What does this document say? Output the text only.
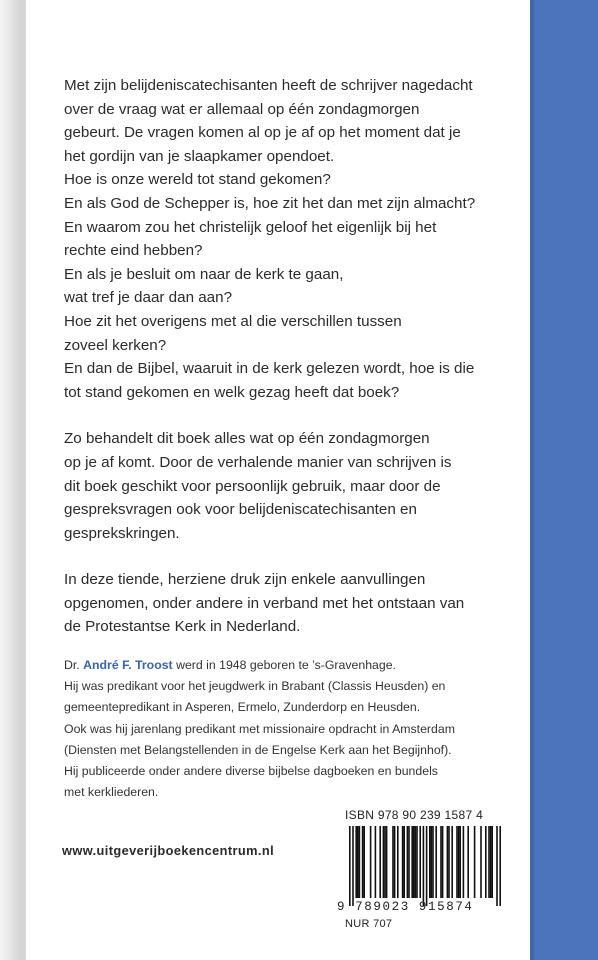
Met zijn belijdeniscatechisanten heeft de schrijver nagedacht
over de vraag wat er allemaal op één zondagmorgen
gebeurt. De vragen komen al op je af op het moment dat je
het gordijn van je slaapkamer opendoet.
Hoe is onze wereld tot stand gekomen?
En als God de Schepper is, hoe zit het dan met zijn almacht?
En waarom zou het christelijk geloof het eigenlijk bij het
rechte eind hebben?
En als je besluit om naar de kerk te gaan,
wat tref je daar dan aan?
Hoe zit het overigens met al die verschillen tussen
zoveel kerken?
En dan de Bijbel, waaruit in de kerk gelezen wordt, hoe is die
tot stand gekomen en welk gezag heeft dat boek?
Zo behandelt dit boek alles wat op één zondagmorgen
op je af komt. Door de verhalende manier van schrijven is
dit boek geschikt voor persoonlijk gebruik, maar door de
gespreksvragen ook voor belijdeniscatechisanten en
gesprekskringen.
In deze tiende, herziene druk zijn enkele aanvullingen
opgenomen, onder andere in verband met het ontstaan van
de Protestantse Kerk in Nederland.
Dr. André F. Troost werd in 1948 geboren te ’s-Gravenhage.
Hij was predikant voor het jeugdwerk in Brabant (Classis Heusden) en
gemeentepredikant in Asperen, Ermelo, Zunderdorp en Heusden.
Ook was hij jarenlang predikant met missionaire opdracht in Amsterdam
(Diensten met Belangstellenden in de Engelse Kerk aan het Begijnhof).
Hij publiceerde onder andere diverse bijbelse dagboeken en bundels
met kerkliederen.
www.uitgeverijboekencentrum.nl
ISBN 978 90 239 1587 4
9 789023 915874
NUR 707
